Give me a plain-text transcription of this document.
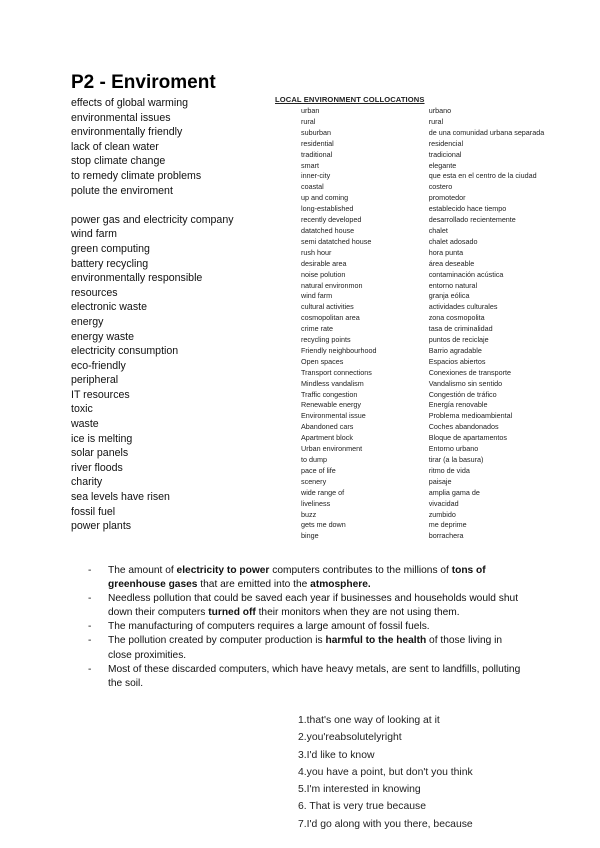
P2 - Enviroment
effects of global warming
environmental issues
environmentally friendly
lack of clean water
stop climate change
to remedy climate problems
polute the enviroment
power gas and electricity company
wind farm
green computing
battery recycling
environmentally responsible
resources
electronic waste
energy
energy waste
electricity consumption
eco-friendly
peripheral
IT resources
toxic
waste
ice is melting
solar panels
river floods
charity
sea levels have risen
fossil fuel
power plants
LOCAL ENVIRONMENT COLLOCATIONS
urban	urbano
rural	rural
suburban	de una comunidad urbana separada
residential	residencial
traditional	tradicional
smart	elegante
inner-city	que esta en el centro de la ciudad
coastal	costero
up and coming	promotedor
long-established	establecido hace tiempo
recently developed	desarrollado recientemente
datatched house	chalet
semi datatched house	chalet adosado
rush hour	hora punta
desirable area	área deseable
noise polution	contaminación acústica
natural environmon	entorno natural
wind farm	granja eólica
cultural activities	actividades culturales
cosmopolitan area	zona cosmopolita
crime rate	tasa de criminalidad
recycling points	puntos de reciclaje
Friendly neighbourhood	Barrio agradable
Open spaces	Espacios abiertos
Transport connections	Conexiones de transporte
Mindless vandalism	Vandalismo sin sentido
Traffic congestion	Congestión de tráfico
Renewable energy	Energía renovable
Environmental issue	Problema medioambiental
Abandoned cars	Coches abandonados
Apartment block	Bloque de apartamentos
Urban environment	Entorno urbano
to dump	tirar (a la basura)
pace of life	ritmo de vida
scenery	paisaje
wide range of	amplia gama de
liveliness	vivacidad
buzz	zumbido
gets me down	me deprime
binge	borrachera
- The amount of electricity to power computers contributes to the millions of tons of greenhouse gases that are emitted into the atmosphere.
- Needless pollution that could be saved each year if businesses and households would shut down their computers turned off their monitors when they are not using them.
- The manufacturing of computers requires a large amount of fossil fuels.
- The pollution created by computer production is harmful to the health of those living in close proximities.
- Most of these discarded computers, which have heavy metals, are sent to landfills, polluting the soil.
1.that's one way of looking at it
2.you'reabsolutelyright
3.I'd like to know
4.you have a point, but don't you think
5.I'm interested in knowing
6. That is very true because
7.I'd go along with you there, because
